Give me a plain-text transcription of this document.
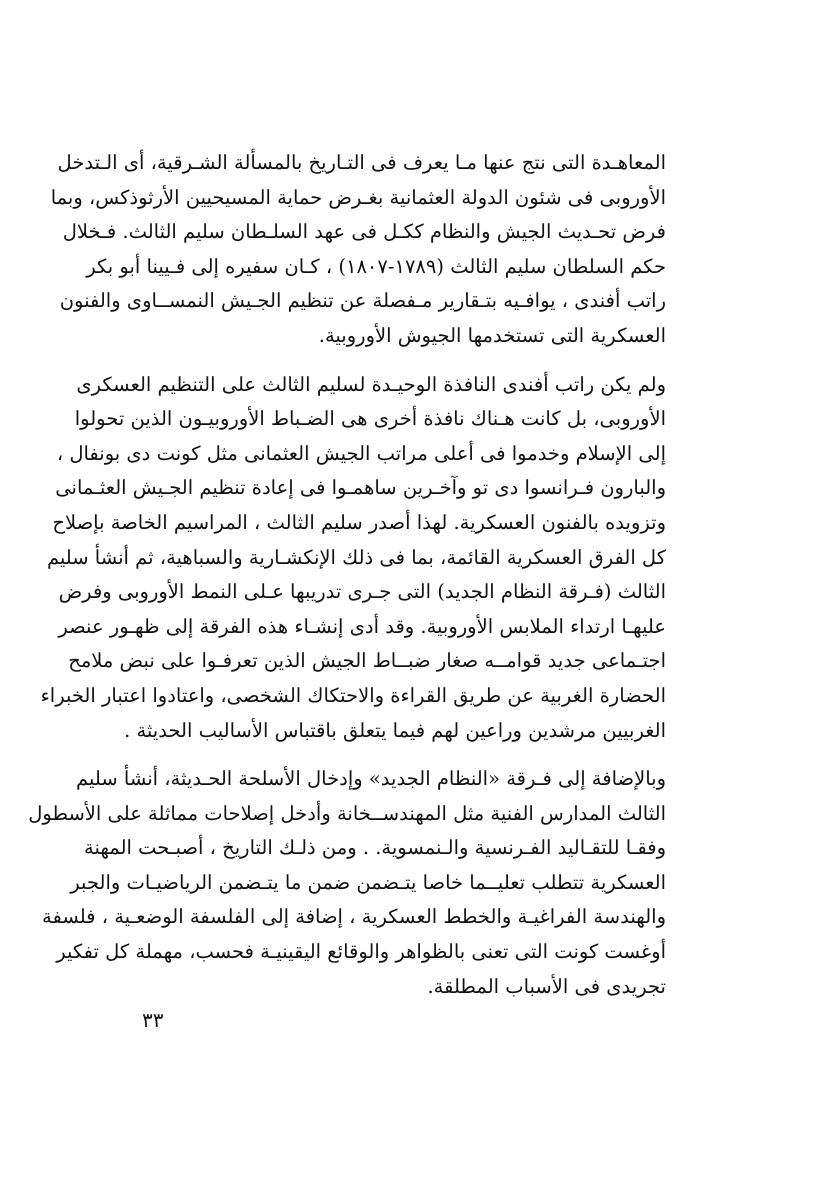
المعاهـدة التى نتج عنها مـا يعرف فى التـاريخ بالمسألة الشـرقية، أى الـتدخل
الأوروبى فى شئون الدولة العثمانية بغـرض حماية المسيحيين الأرثوذكس، وبما
فرض تحـديث الجيش والنظام ككـل فى عهد السلـطان سليم الثالث. فـخلال
حكم السلطان سليم الثالث (١٧٨٩-١٨٠٧) ، كـان سفيره إلى فـيينا أبو بكر
راتب أفندى ، يوافـيه بتـقارير مـفصلة عن تنظيم الجـيش النمســاوى والفنون
العسكرية التى تستخدمها الجيوش الأوروبية.
ولم يكن راتب أفندى النافذة الوحيـدة لسليم الثالث على التنظيم العسكرى
الأوروبى، بل كانت هـناك نافذة أخرى هى الضـباط الأوروبيـون الذين تحولوا
إلى الإسلام وخدموا فى أعلى مراتب الجيش العثمانى مثل كونت دى بونفال ،
والبارون فـرانسوا دى تو وآخـرين ساهمـوا فى إعادة تنظيم الجـيش العثـمانى
وتزويده بالفنون العسكرية. لهذا أصدر سليم الثالث ، المراسيم الخاصة بإصلاح
كل الفرق العسكرية القائمة، بما فى ذلك الإنكشـارية والسباهية، ثم أنشأ سليم
الثالث (فـرقة النظام الجديد) التى جـرى تدريبها عـلى النمط الأوروبى وفرض
عليهـا ارتداء الملابس الأوروبية. وقد أدى إنشـاء هذه الفرقة إلى ظهـور عنصر
اجتـماعى جديد قوامــه صغار ضبــاط الجيش الذين تعرفـوا على نبض ملامح
الحضارة الغربية عن طريق القراءة والاحتكاك الشخصى، واعتادوا اعتبار الخبراء
الغربيين مرشدين وراعين لهم فيما يتعلق باقتباس الأساليب الحديثة .
وبالإضافة إلى فـرقة «النظام الجديد» وإدخال الأسلحة الحـديثة، أنشأ سليم
الثالث المدارس الفنية مثل المهندســخانة وأدخل إصلاحات مماثلة على الأسطول
وفقـا للتقـاليد الفـرنسية والـنمسوية. . ومن ذلـك التاريخ ، أصبـحت المهنة
العسكرية تتطلب تعليــما خاصا يتـضمن ضمن ما يتـضمن الرياضيـات والجبر
والهندسة الفراغيـة والخطط العسكرية ، إضافة إلى الفلسفة الوضعـية ، فلسفة
أوغست كونت التى تعنى بالظواهر والوقائع اليقينيـة فحسب، مهملة كل تفكير
تجريدى فى الأسباب المطلقة.
٣٣
